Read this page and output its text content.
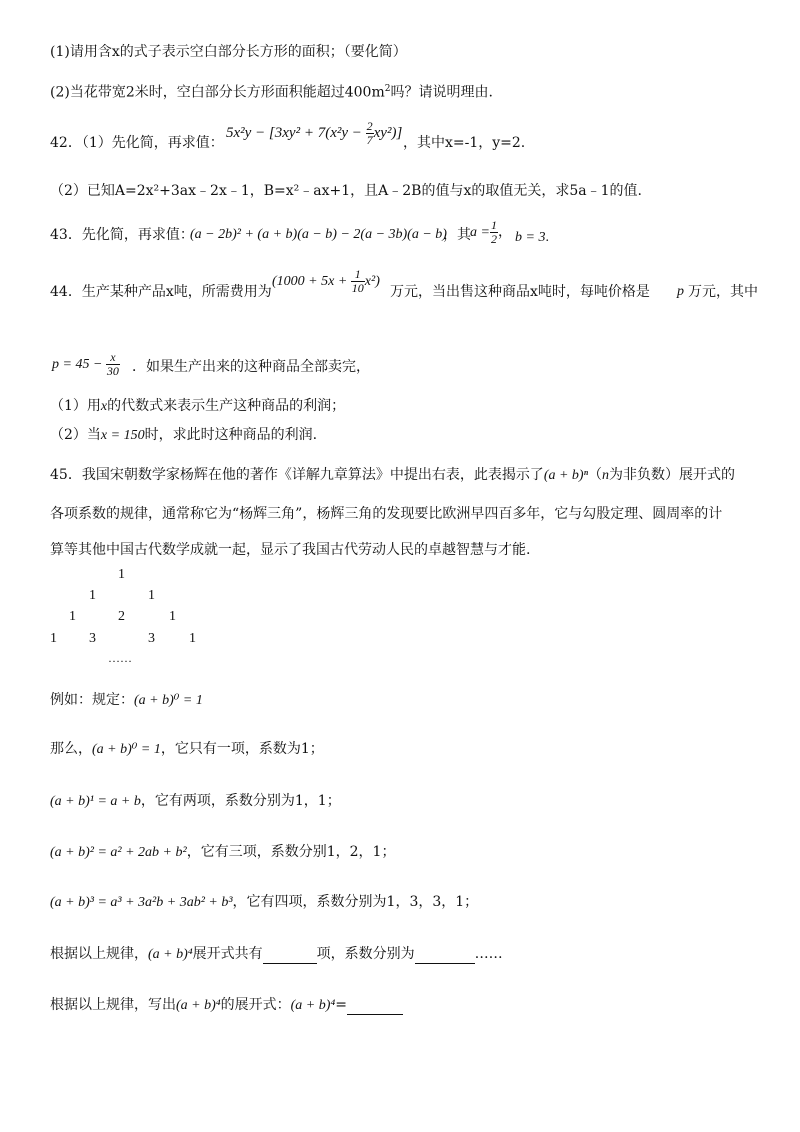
(1)请用含x的式子表示空白部分长方形的面积；（要化简）
(2)当花带宽2米时，空白部分长方形面积能超过$400m^2$吗？请说明理由.
42．（1）先化简，再求值：
$5x^2y - [3xy^2 + 7(x^2y - \frac{2}{7} xy^2)]$
，其中x=-1，y=2.
（2）已知A=2x²+3ax﹣2x﹣1，B=x²﹣ax+1，且A﹣2B的值与x的取值无关，求5a﹣1的值.
43．先化简，再求值：
(a − 2b)² + (a + b)(a − b) − 2(a − 3b)(a − b)
，其 $a = \frac{1}{2}$ ， b = 3.
44．生产某种产品x吨，所需费用为
$(1000 + 5x + \frac{1}{10} x^2)$
万元，当出售这种商品x吨时，每吨价格是 p 万元，其中
$p = 45 - \frac{x}{30}$ ．如果生产出来的这种商品全部卖完，
（1）用x的代数式来表示生产这种商品的利润；
（2）当x = 150时，求此时这种商品的利润.
45．我国宋朝数学家杨辉在他的著作《详解九章算法》中提出右表，此表揭示了(a + b)ⁿ（n为非负数）展开式的
各项系数的规律，通常称它为“杨辉三角”，杨辉三角的发现要比欧洲早四百多年，它与勾股定理、圆周率的计
算等其他中国古代数学成就一起，显示了我国古代劳动人民的卓越智慧与才能.
1
1	1
1	2	1
1 3	3 1
……
例如：规定：(a + b)⁰ = 1
那么，(a + b)⁰ = 1，它只有一项，系数为1；
(a + b)¹ = a + b，它有两项，系数分别为1，1；
(a + b)² = a² + 2ab + b²，它有三项，系数分别1，2，1；
(a + b)³ = a³ + 3a²b + 3ab² + b³，它有四项，系数分别为1，3，3，1；
根据以上规律，(a + b)⁴展开式共有	项，系数分别为	……
根据以上规律，写出(a + b)⁴的展开式：(a + b)⁴=
